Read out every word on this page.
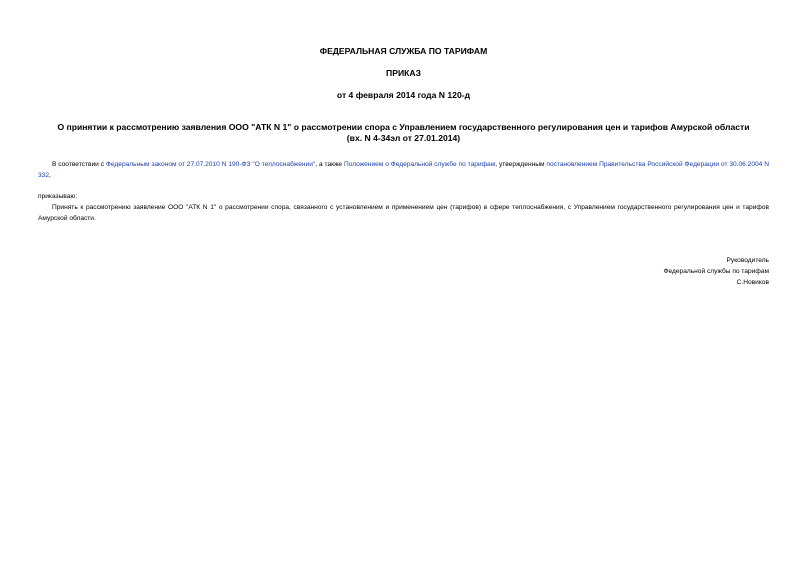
ФЕДЕРАЛЬНАЯ СЛУЖБА ПО ТАРИФАМ
ПРИКАЗ
от 4 февраля 2014 года N 120-д
О принятии к рассмотрению заявления ООО "АТК N 1" о рассмотрении спора с Управлением государственного регулирования цен и тарифов Амурской области
(вх. N 4-34эл от 27.01.2014)
В соответствии с Федеральным законом от 27.07.2010 N 190-ФЗ "О теплоснабжении", а также Положением о Федеральной службе по тарифам, утвержденным постановлением Правительства Российской Федерации от 30.06.2004 N 332,
приказываю:
Принять к рассмотрению заявление ООО "АТК N 1" о рассмотрении спора, связанного с установлением и применением цен (тарифов) в сфере теплоснабжения, с Управлением государственного регулирования цен и тарифов Амурской области.
Руководитель
Федеральной службы по тарифам
С.Новиков
